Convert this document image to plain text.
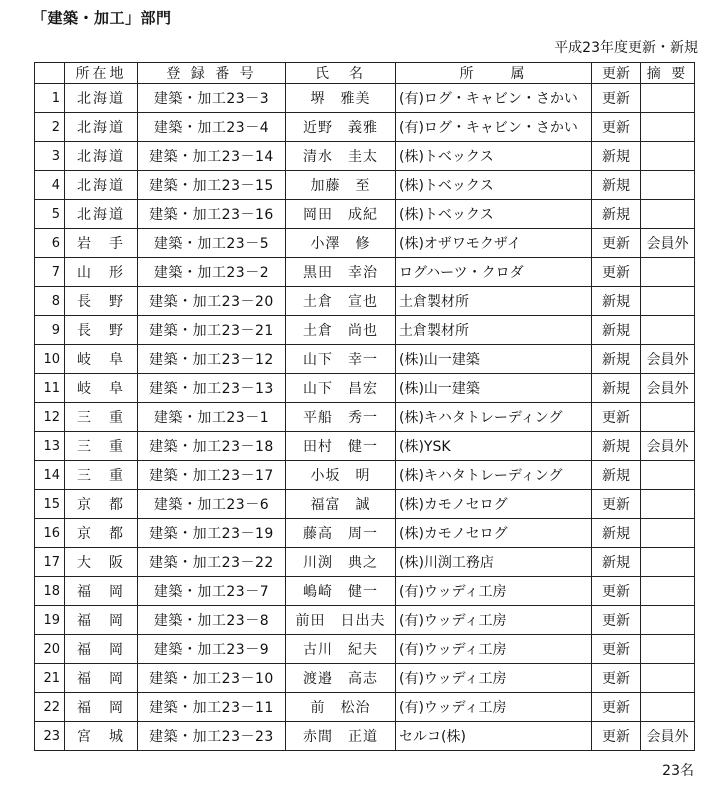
「建築・加工」部門
平成23年度更新・新規
	所在地	登 録 番 号	氏　名	所　　属	更新	摘 要
1	北海道	建築・加工23－3	堺　雅美	(有)ログ・キャビン・さかい	更新	
2	北海道	建築・加工23－4	近野　義雅	(有)ログ・キャビン・さかい	更新	
3	北海道	建築・加工23－14	清水　圭太	(株)トベックス	新規	
4	北海道	建築・加工23－15	加藤　至	(株)トベックス	新規	
5	北海道	建築・加工23－16	岡田　成紀	(株)トベックス	新規	
6	岩　手	建築・加工23－5	小澤　修	(株)オザワモクザイ	更新	会員外
7	山　形	建築・加工23－2	黒田　幸治	ログハーツ・クロダ	更新	
8	長　野	建築・加工23－20	土倉　宣也	土倉製材所	新規	
9	長　野	建築・加工23－21	土倉　尚也	土倉製材所	新規	
10	岐　阜	建築・加工23－12	山下　幸一	(株)山一建築	新規	会員外
11	岐　阜	建築・加工23－13	山下　昌宏	(株)山一建築	新規	会員外
12	三　重	建築・加工23－1	平船　秀一	(株)キハタトレーディング	更新	
13	三　重	建築・加工23－18	田村　健一	(株)YSK	新規	会員外
14	三　重	建築・加工23－17	小坂　明	(株)キハタトレーディング	新規	
15	京　都	建築・加工23－6	福富　誠	(株)カモノセログ	更新	
16	京　都	建築・加工23－19	藤高　周一	(株)カモノセログ	新規	
17	大　阪	建築・加工23－22	川渕　典之	(株)川渕工務店	新規	
18	福　岡	建築・加工23－7	嶋崎　健一	(有)ウッディ工房	更新	
19	福　岡	建築・加工23－8	前田　日出夫	(有)ウッディ工房	更新	
20	福　岡	建築・加工23－9	古川　紀夫	(有)ウッディ工房	更新	
21	福　岡	建築・加工23－10	渡邉　高志	(有)ウッディ工房	更新	
22	福　岡	建築・加工23－11	前　松治	(有)ウッディ工房	更新	
23	宮　城	建築・加工23－23	赤間　正道	セルコ(株)	更新	会員外
23名
